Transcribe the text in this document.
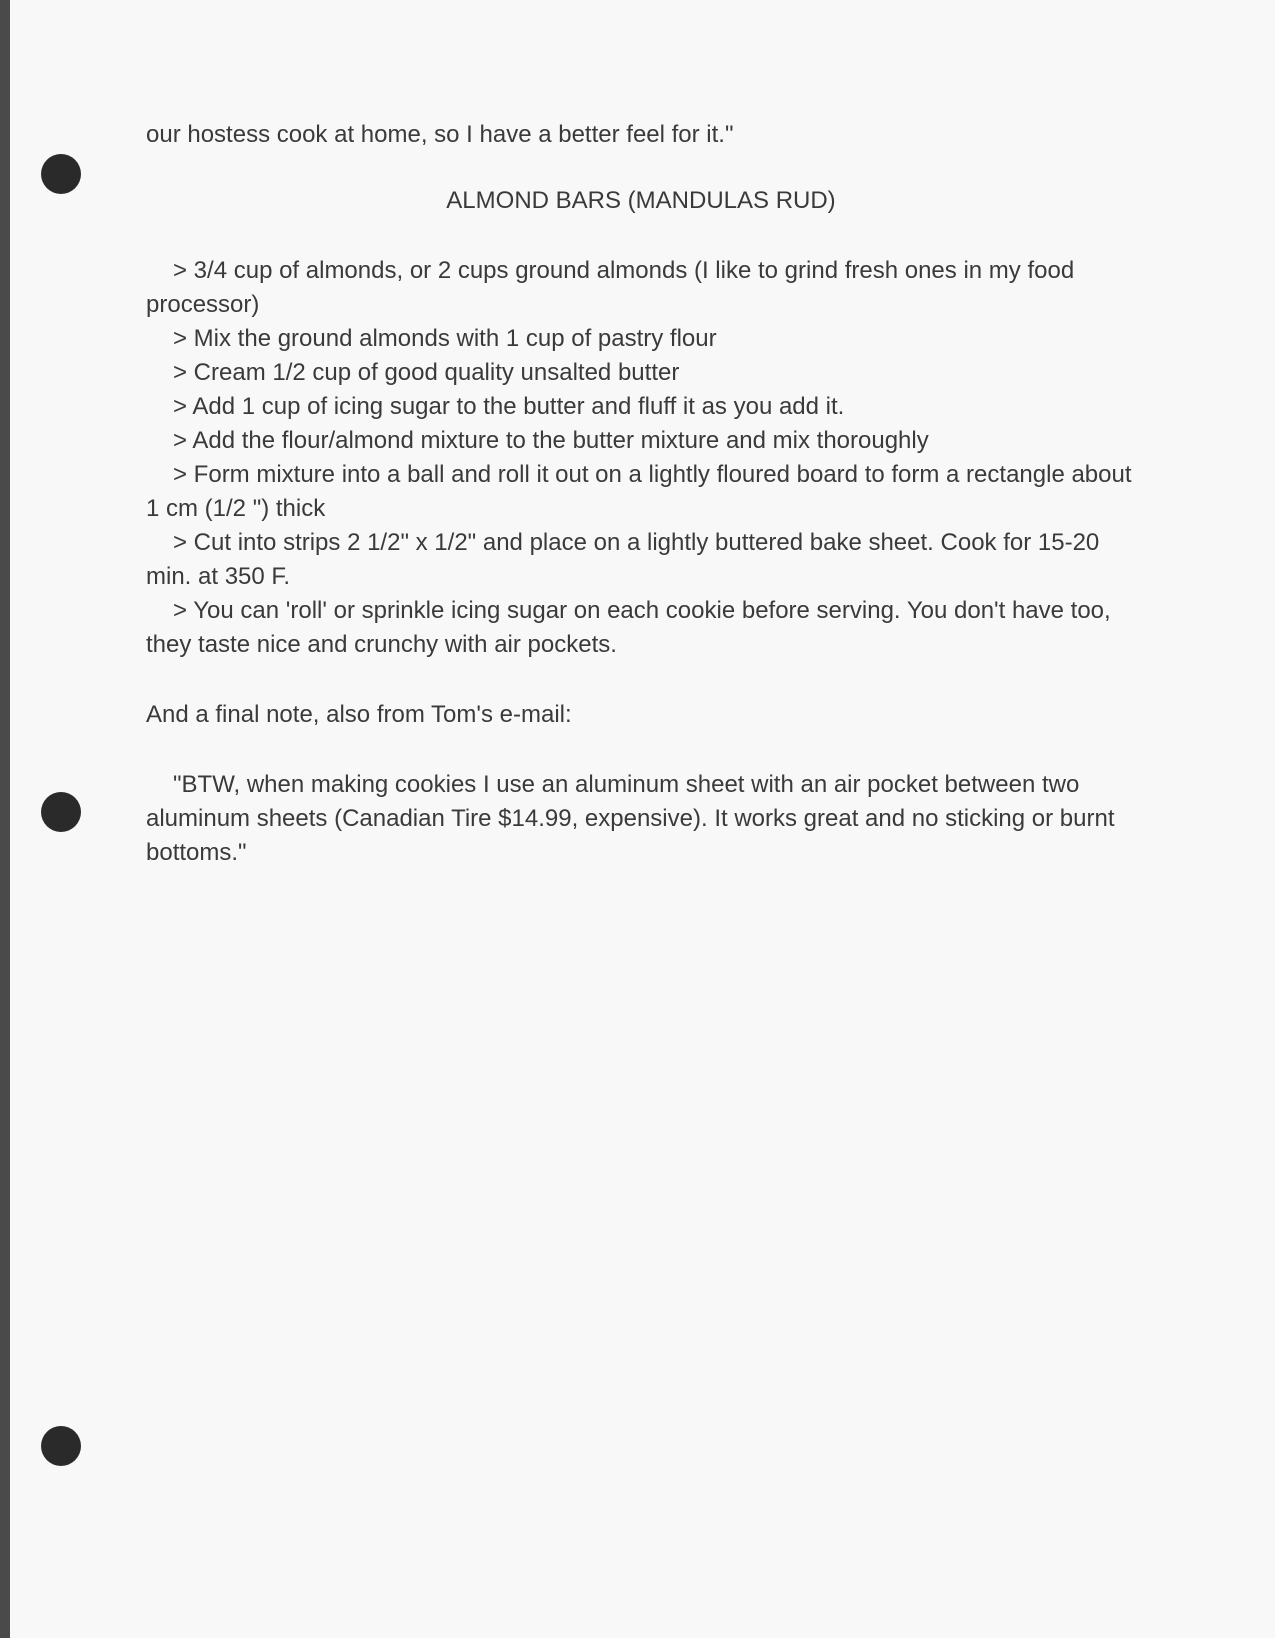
our hostess cook at home, so I have a better feel for it."

ALMOND BARS (MANDULAS RUD)

> 3/4 cup of almonds, or 2 cups ground almonds (I like to grind fresh ones in my food processor)

> Mix the ground almonds with 1 cup of pastry flour

> Cream 1/2 cup of good quality unsalted butter

> Add 1 cup of icing sugar to the butter and fluff it as you add it.

> Add the flour/almond mixture to the butter mixture and mix thoroughly

> Form mixture into a ball and roll it out on a lightly floured board to form a rectangle about 1 cm (1/2 ") thick

> Cut into strips 2 1/2" x 1/2" and place on a lightly buttered bake sheet. Cook for 15-20 min. at 350 F.

> You can 'roll' or sprinkle icing sugar on each cookie before serving. You don't have too, they taste nice and crunchy with air pockets.

And a final note, also from Tom's e-mail:

"BTW, when making cookies I use an aluminum sheet with an air pocket between two aluminum sheets (Canadian Tire $14.99, expensive). It works great and no sticking or burnt bottoms."
